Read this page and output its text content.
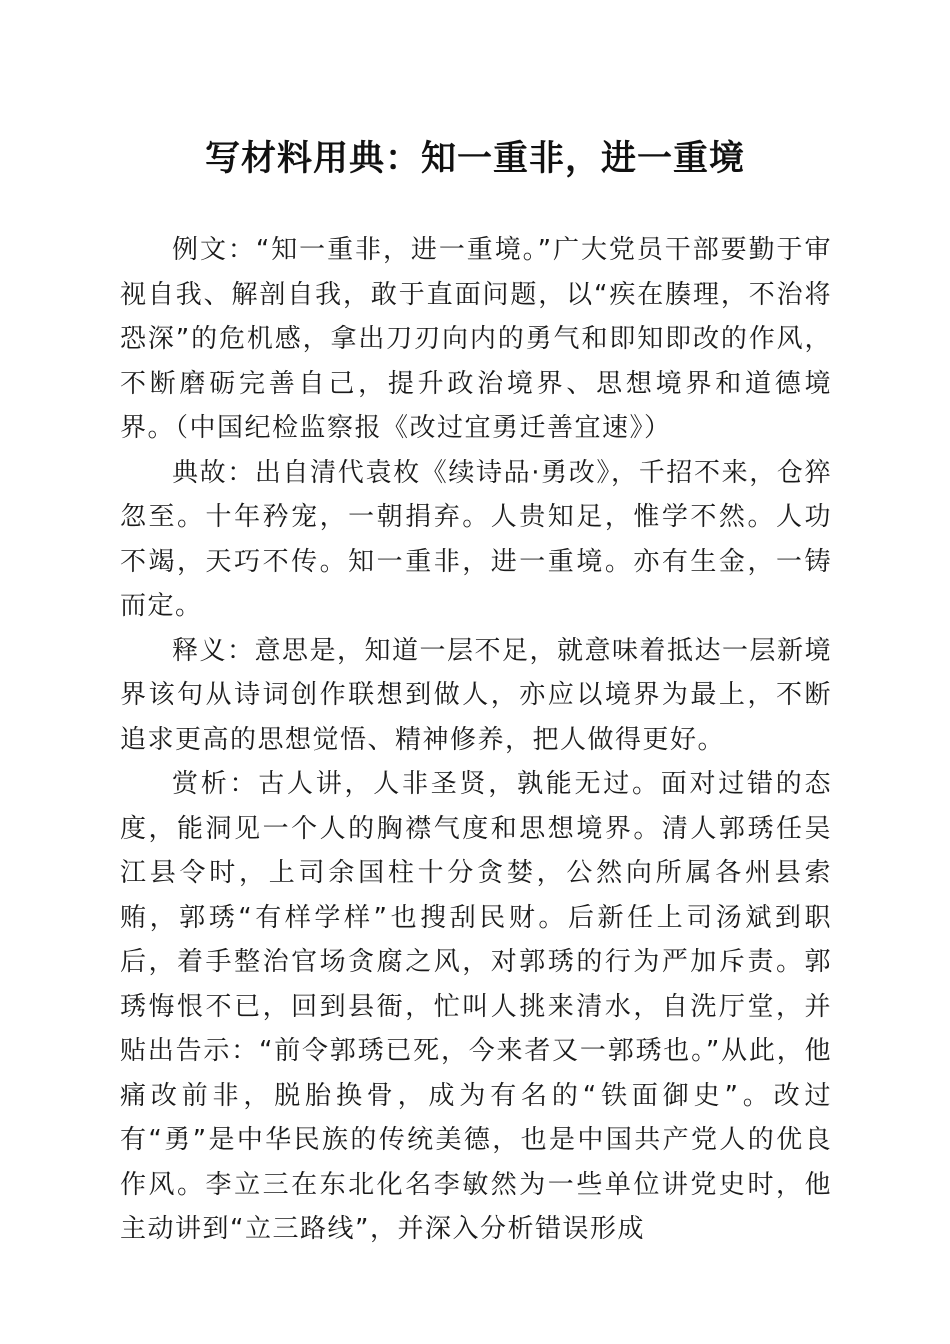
写材料用典：知一重非，进一重境

例文：“知一重非，进一重境。”广大党员干部要勤于审视自我、解剖自我，敢于直面问题，以“疾在腠理，不治将恐深”的危机感，拿出刀刃向内的勇气和即知即改的作风，不断磨砺完善自己，提升政治境界、思想境界和道德境界。（中国纪检监察报《改过宜勇迁善宜速》）

典故：出自清代袁枚《续诗品·勇改》，千招不来，仓猝忽至。十年矜宠，一朝捐弃。人贵知足，惟学不然。人功不竭，天巧不传。知一重非，进一重境。亦有生金，一铸而定。

释义：意思是，知道一层不足，就意味着抵达一层新境界该句从诗词创作联想到做人，亦应以境界为最上，不断追求更高的思想觉悟、精神修养，把人做得更好。

赏析：古人讲，人非圣贤，孰能无过。面对过错的态度，能洞见一个人的胸襟气度和思想境界。清人郭琇任吴江县令时，上司余国柱十分贪婪，公然向所属各州县索贿，郭琇“有样学样”也搜刮民财。后新任上司汤斌到职后，着手整治官场贪腐之风，对郭琇的行为严加斥责。郭琇悔恨不已，回到县衙，忙叫人挑来清水，自洗厅堂，并贴出告示：“前令郭琇已死，今来者又一郭琇也。”从此，他痛改前非，脱胎换骨，成为有名的“铁面御史”。改过有“勇”是中华民族的传统美德，也是中国共产党人的优良作风。李立三在东北化名李敏然为一些单位讲党史时，他主动讲到“立三路线”，并深入分析错误形成
